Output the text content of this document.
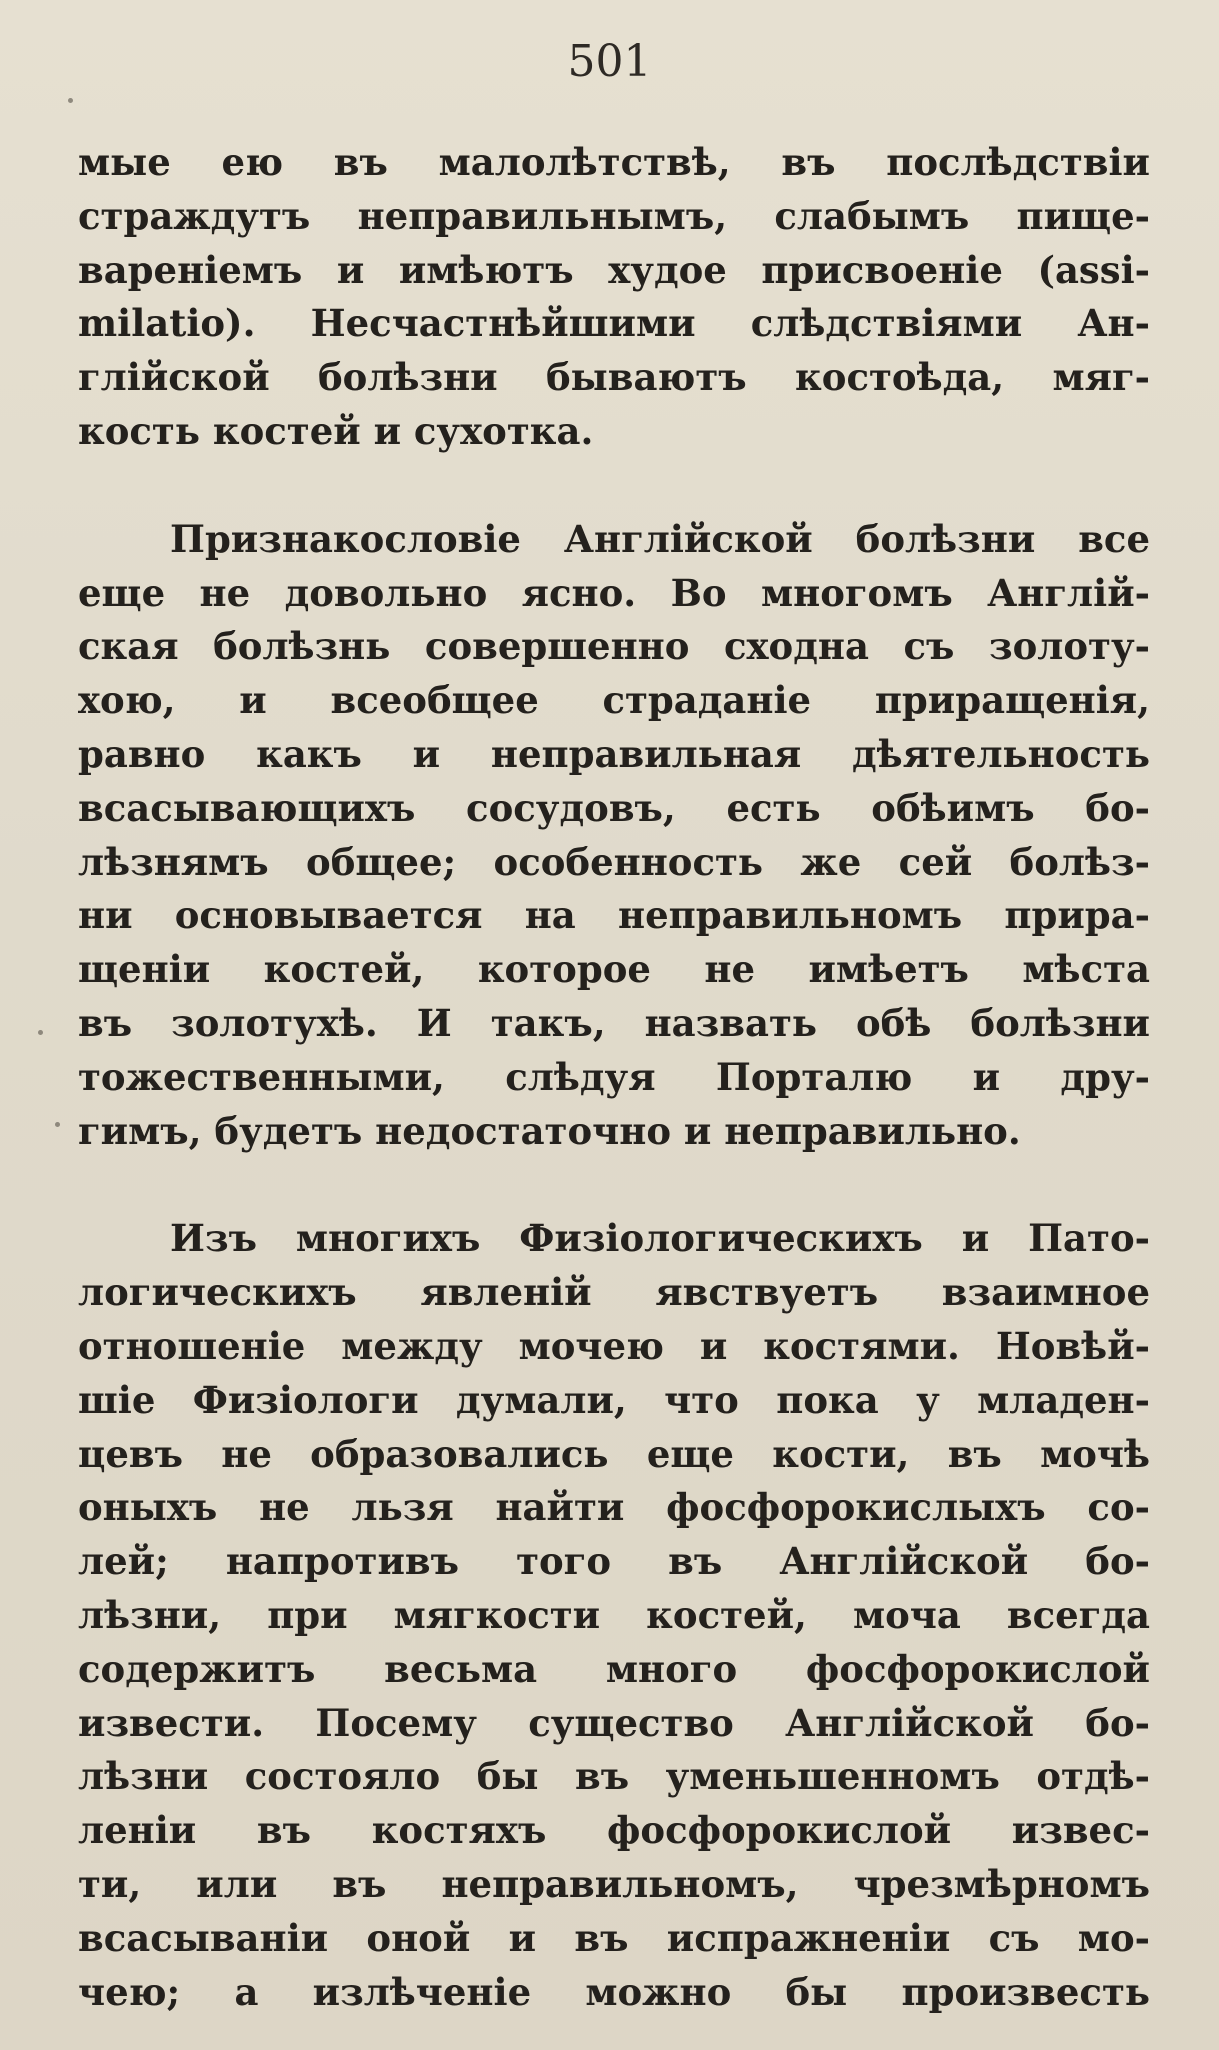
501
мые ею въ малолѣтствѣ, въ послѣдствіи
страждутъ неправильнымъ, слабымъ пище-
вареніемъ и имѣютъ худое присвоеніе (assi-
milatio). Несчастнѣйшими слѣдствіями Ан-
глійской болѣзни бываютъ костоѣда, мяг-
кость костей и сухотка.
Признакословіе Англійской болѣзни все
еще не довольно ясно. Во многомъ Англій-
ская болѣзнь совершенно сходна съ золоту-
хою, и всеобщее страданіе приращенія,
равно какъ и неправильная дѣятельность
всасывающихъ сосудовъ, есть обѣимъ бо-
лѣзнямъ общее; особенность же сей болѣз-
ни основывается на неправильномъ прира-
щеніи костей, которое не имѣетъ мѣста
въ золотухѣ. И такъ, назвать обѣ болѣзни
тожественными, слѣдуя Порталю и дру-
гимъ, будетъ недостаточно и неправильно.
Изъ многихъ Физіологическихъ и Пато-
логическихъ явленій явствуетъ взаимное
отношеніе между мочею и костями. Новѣй-
шіе Физіологи думали, что пока у младен-
цевъ не образовались еще кости, въ мочѣ
оныхъ не льзя найти фосфорокислыхъ со-
лей; напротивъ того въ Англійской бо-
лѣзни, при мягкости костей, моча всегда
содержитъ весьма много фосфорокислой
извести. Посему существо Англійской бо-
лѣзни состояло бы въ уменьшенномъ отдѣ-
леніи въ костяхъ фосфорокислой извес-
ти, или въ неправильномъ, чрезмѣрномъ
всасываніи оной и въ испражненіи съ мо-
чею; а излѣченіе можно бы произвесть
